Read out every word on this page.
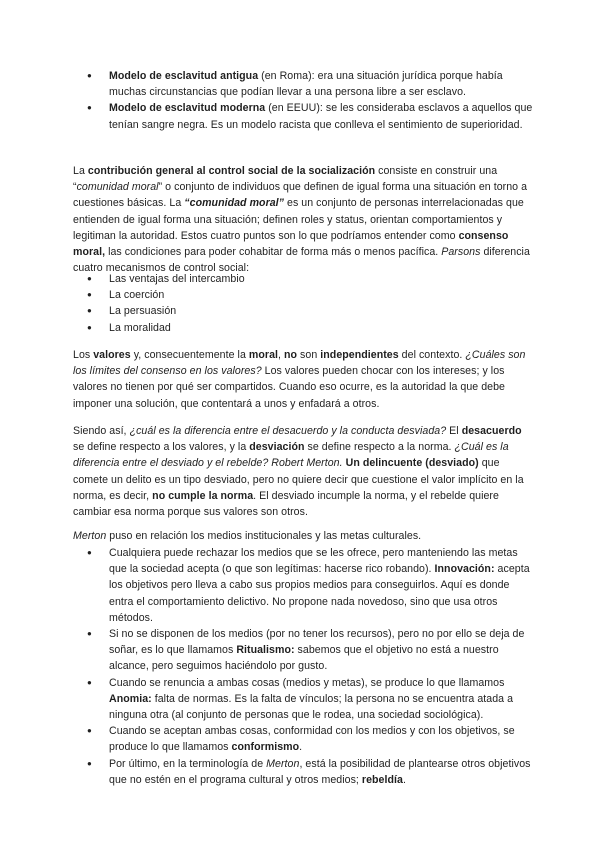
● Modelo de esclavitud antigua (en Roma): era una situación jurídica porque había muchas circunstancias que podían llevar a una persona libre a ser esclavo.
● Modelo de esclavitud moderna (en EEUU): se les consideraba esclavos a aquellos que tenían sangre negra. Es un modelo racista que conlleva el sentimiento de superioridad.

La contribución general al control social de la socialización consiste en construir una “comunidad moral” o conjunto de individuos que definen de igual forma una situación en torno a cuestiones básicas. La “comunidad moral” es un conjunto de personas interrelacionadas que entienden de igual forma una situación; definen roles y status, orientan comportamientos y legitiman la autoridad. Estos cuatro puntos son lo que podríamos entender como consenso moral, las condiciones para poder cohabitar de forma más o menos pacífica. Parsons diferencia cuatro mecanismos de control social:

● Las ventajas del intercambio
● La coerción
● La persuasión
● La moralidad

Los valores y, consecuentemente la moral, no son independientes del contexto. ¿Cuáles son los límites del consenso en los valores? Los valores pueden chocar con los intereses; y los valores no tienen por qué ser compartidos. Cuando eso ocurre, es la autoridad la que debe imponer una solución, que contentará a unos y enfadará a otros.

Siendo así, ¿cuál es la diferencia entre el desacuerdo y la conducta desviada? El desacuerdo se define respecto a los valores, y la desviación se define respecto a la norma. ¿Cuál es la diferencia entre el desviado y el rebelde? Robert Merton. Un delincuente (desviado) que comete un delito es un tipo desviado, pero no quiere decir que cuestione el valor implícito en la norma, es decir, no cumple la norma. El desviado incumple la norma, y el rebelde quiere cambiar esa norma porque sus valores son otros.

Merton puso en relación los medios institucionales y las metas culturales.

● Cualquiera puede rechazar los medios que se les ofrece, pero manteniendo las metas que la sociedad acepta (o que son legítimas: hacerse rico robando). Innovación: acepta los objetivos pero lleva a cabo sus propios medios para conseguirlos. Aquí es donde entra el comportamiento delictivo. No propone nada novedoso, sino que usa otros métodos.
● Si no se disponen de los medios (por no tener los recursos), pero no por ello se deja de soñar, es lo que llamamos Ritualismo: sabemos que el objetivo no está a nuestro alcance, pero seguimos haciéndolo por gusto.
● Cuando se renuncia a ambas cosas (medios y metas), se produce lo que llamamos Anomia: falta de normas. Es la falta de vínculos; la persona no se encuentra atada a ninguna otra (al conjunto de personas que le rodea, una sociedad sociológica).
● Cuando se aceptan ambas cosas, conformidad con los medios y con los objetivos, se produce lo que llamamos conformismo.
● Por último, en la terminología de Merton, está la posibilidad de plantearse otros objetivos que no estén en el programa cultural y otros medios; rebeldía.
